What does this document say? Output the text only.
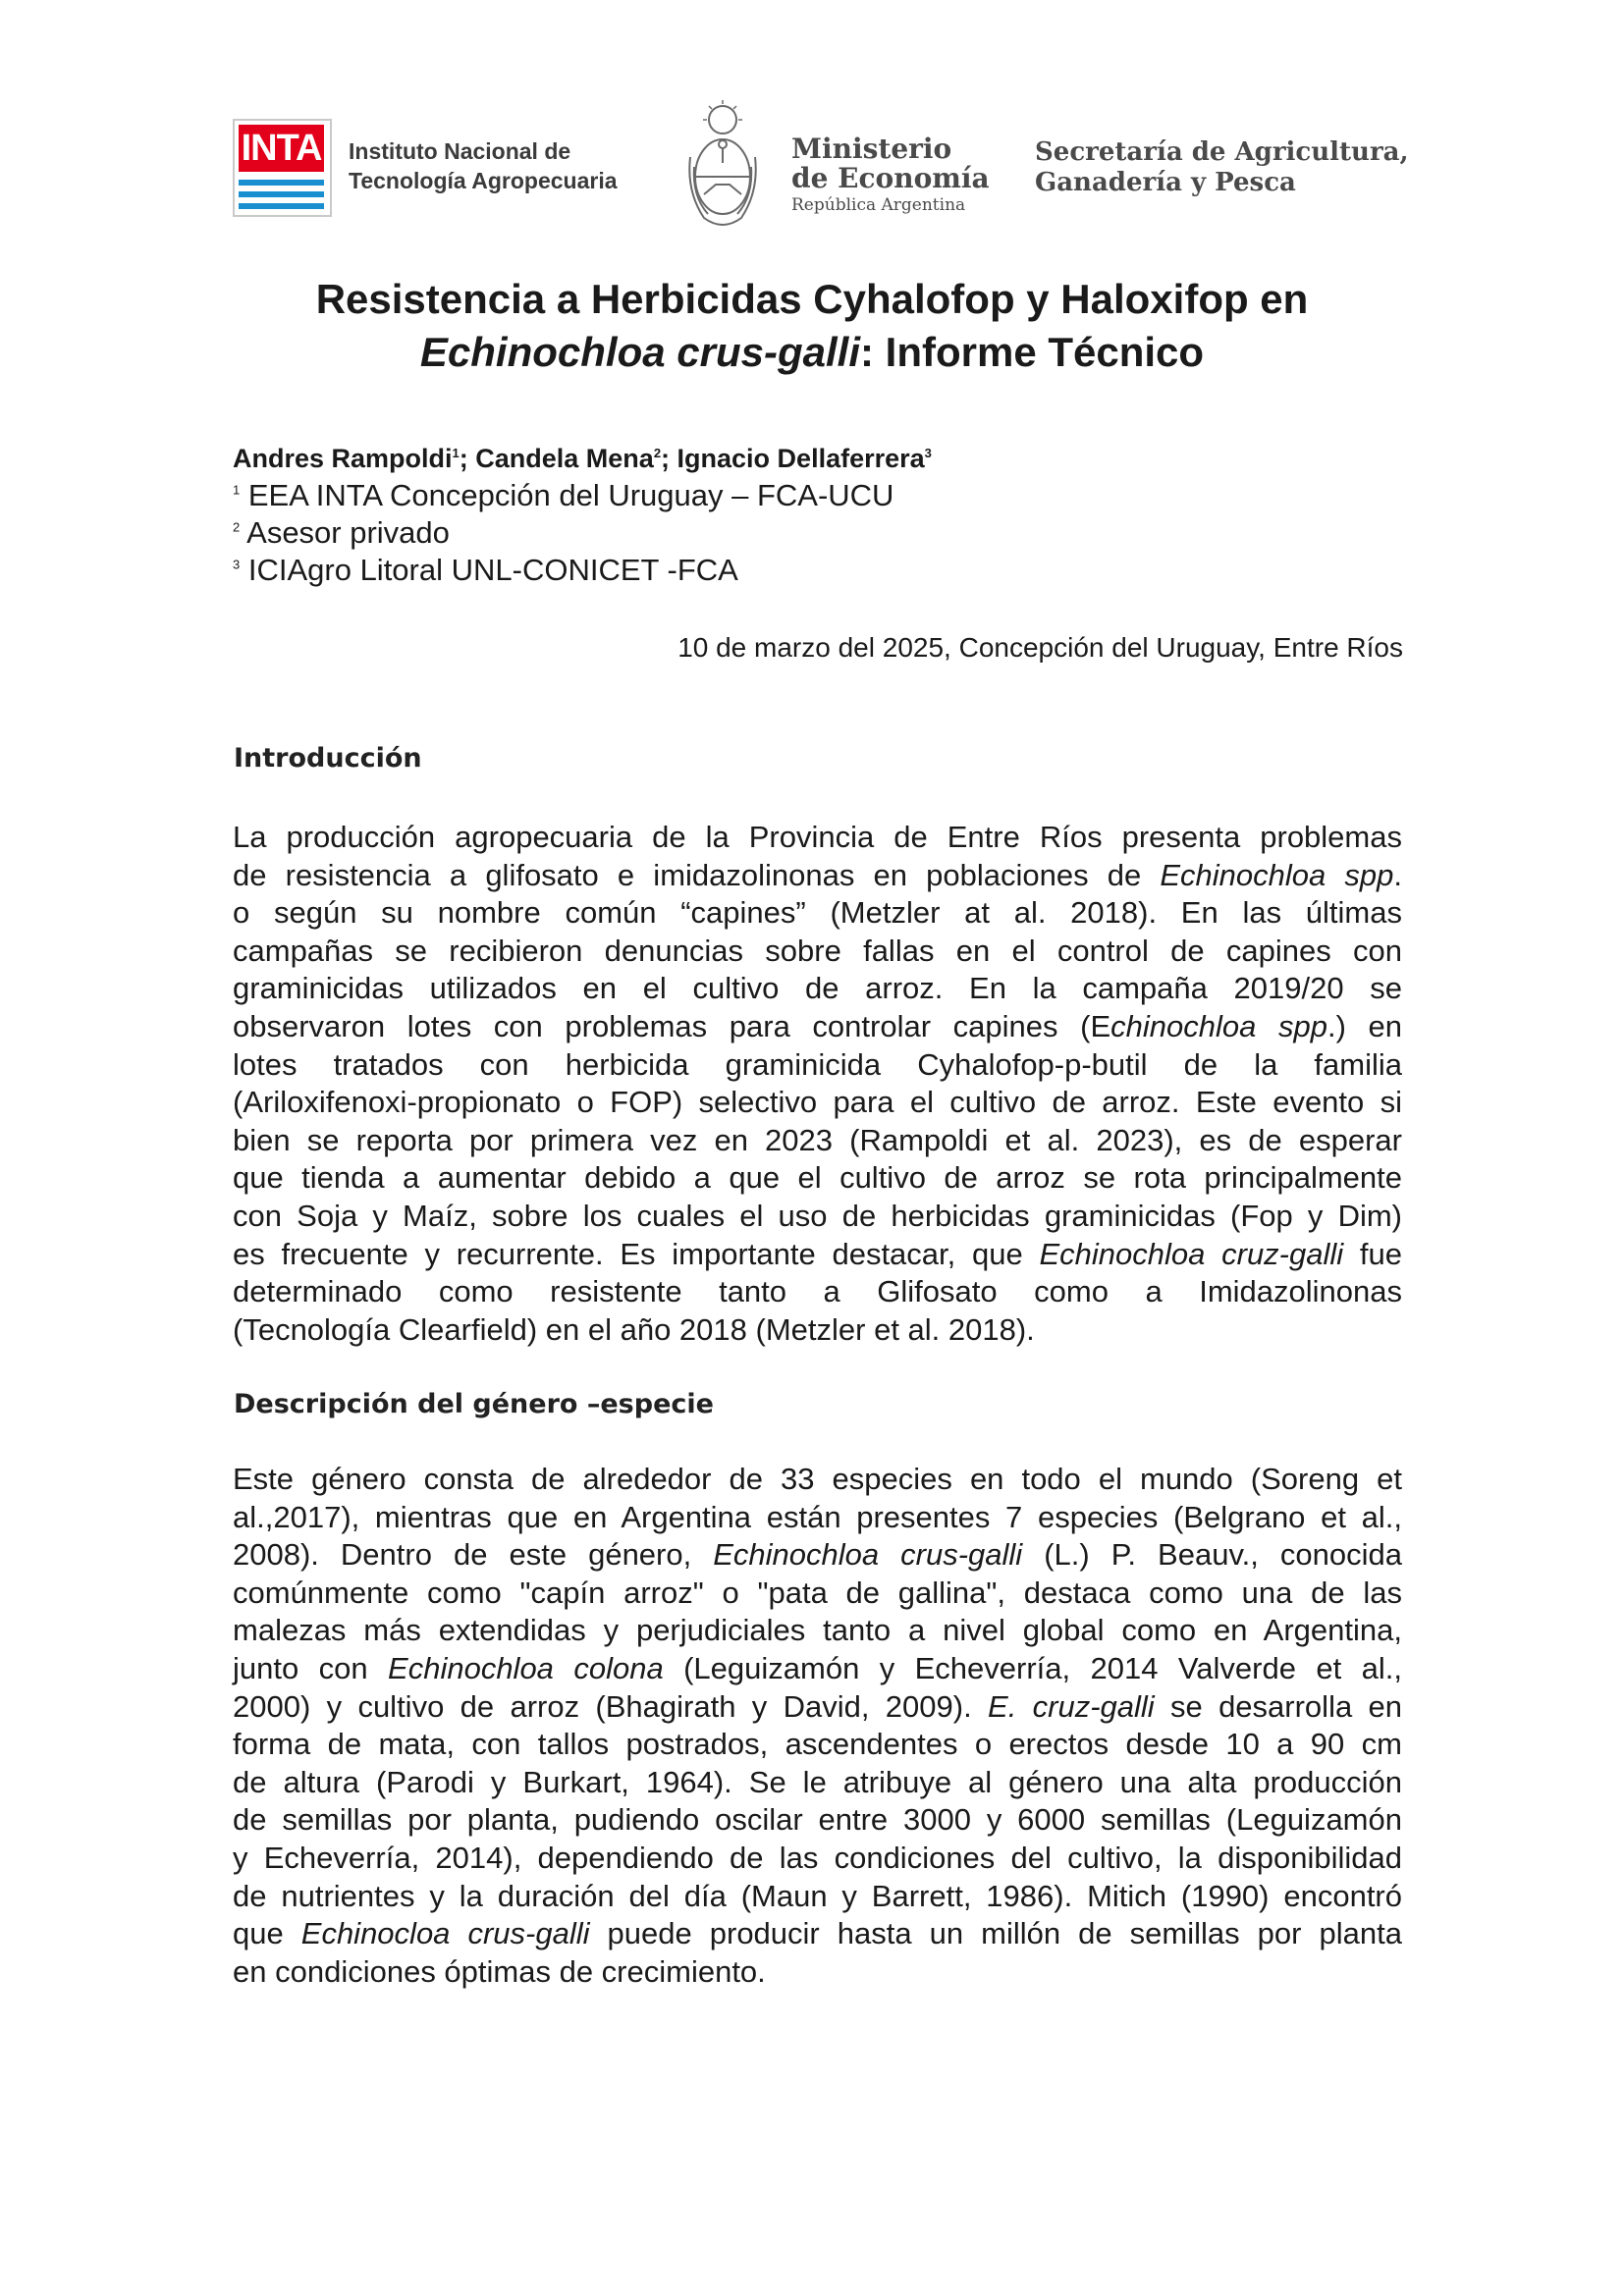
INTA Instituto Nacional de
Tecnología Agropecuaria
Ministerio
de Economía
República Argentina
Secretaría de Agricultura,
Ganadería y Pesca
Resistencia a Herbicidas Cyhalofop y Haloxifop en
Echinochloa crus-galli: Informe Técnico
Andres Rampoldi$^1$; Candela Mena$^2$; Ignacio Dellaferrera$^3$
$^1$ EEA INTA Concepción del Uruguay – FCA-UCU
$^2$ Asesor privado
$^3$ ICIAgro Litoral UNL-CONICET -FCA
10 de marzo del 2025, Concepción del Uruguay, Entre Ríos
Introducción
La producción agropecuaria de la Provincia de Entre Ríos presenta problemas
de resistencia a glifosato e imidazolinonas en poblaciones de Echinochloa spp.
o según su nombre común “capines” (Metzler at al. 2018). En las últimas
campañas se recibieron denuncias sobre fallas en el control de capines con
graminicidas utilizados en el cultivo de arroz. En la campaña 2019/20 se
observaron lotes con problemas para controlar capines (Echinochloa spp.) en
lotes tratados con herbicida graminicida Cyhalofop-p-butil de la familia
(Ariloxifenoxi-propionato o FOP) selectivo para el cultivo de arroz. Este evento si
bien se reporta por primera vez en 2023 (Rampoldi et al. 2023), es de esperar
que tienda a aumentar debido a que el cultivo de arroz se rota principalmente
con Soja y Maíz, sobre los cuales el uso de herbicidas graminicidas (Fop y Dim)
es frecuente y recurrente. Es importante destacar, que Echinochloa cruz-galli fue
determinado como resistente tanto a Glifosato como a Imidazolinonas
(Tecnología Clearfield) en el año 2018 (Metzler et al. 2018).
Descripción del género –especie
Este género consta de alrededor de 33 especies en todo el mundo (Soreng et
al.,2017), mientras que en Argentina están presentes 7 especies (Belgrano et al.,
2008). Dentro de este género, Echinochloa crus-galli (L.) P. Beauv., conocida
comúnmente como "capín arroz" o "pata de gallina", destaca como una de las
malezas más extendidas y perjudiciales tanto a nivel global como en Argentina,
junto con Echinochloa colona (Leguizamón y Echeverría, 2014 Valverde et al.,
2000) y cultivo de arroz (Bhagirath y David, 2009). E. cruz-galli se desarrolla en
forma de mata, con tallos postrados, ascendentes o erectos desde 10 a 90 cm
de altura (Parodi y Burkart, 1964). Se le atribuye al género una alta producción
de semillas por planta, pudiendo oscilar entre 3000 y 6000 semillas (Leguizamón
y Echeverría, 2014), dependiendo de las condiciones del cultivo, la disponibilidad
de nutrientes y la duración del día (Maun y Barrett, 1986). Mitich (1990) encontró
que Echinocloa crus-galli puede producir hasta un millón de semillas por planta
en condiciones óptimas de crecimiento.
